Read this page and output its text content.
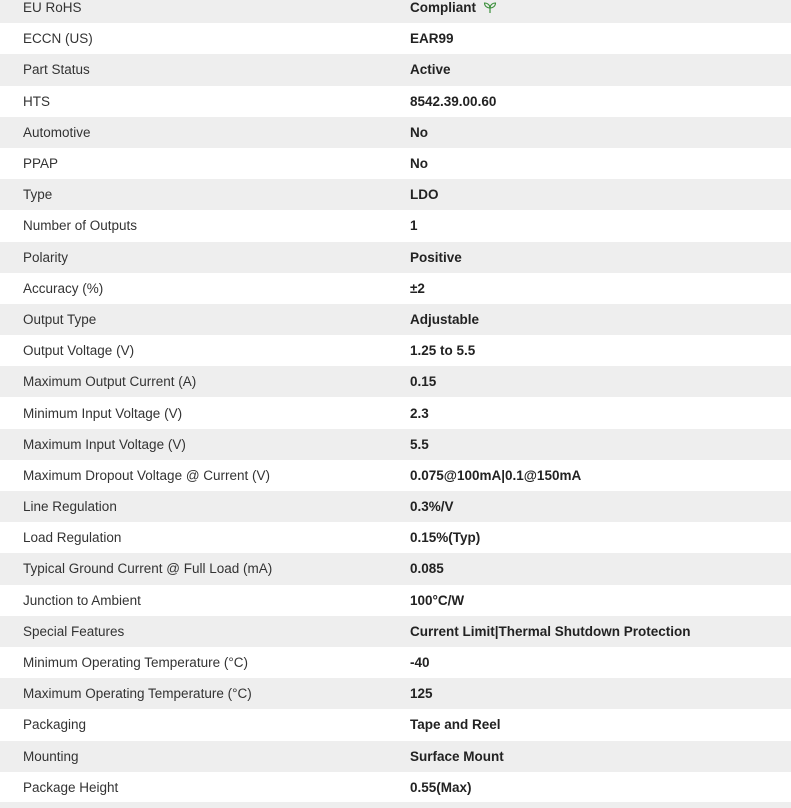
EU RoHS	Compliant
ECCN (US)	EAR99
Part Status	Active
HTS	8542.39.00.60
Automotive	No
PPAP	No
Type	LDO
Number of Outputs	1
Polarity	Positive
Accuracy (%)	±2
Output Type	Adjustable
Output Voltage (V)	1.25 to 5.5
Maximum Output Current (A)	0.15
Minimum Input Voltage (V)	2.3
Maximum Input Voltage (V)	5.5
Maximum Dropout Voltage @ Current (V)	0.075@100mA|0.1@150mA
Line Regulation	0.3%/V
Load Regulation	0.15%(Typ)
Typical Ground Current @ Full Load (mA)	0.085
Junction to Ambient	100°C/W
Special Features	Current Limit|Thermal Shutdown Protection
Minimum Operating Temperature (°C)	-40
Maximum Operating Temperature (°C)	125
Packaging	Tape and Reel
Mounting	Surface Mount
Package Height	0.55(Max)
